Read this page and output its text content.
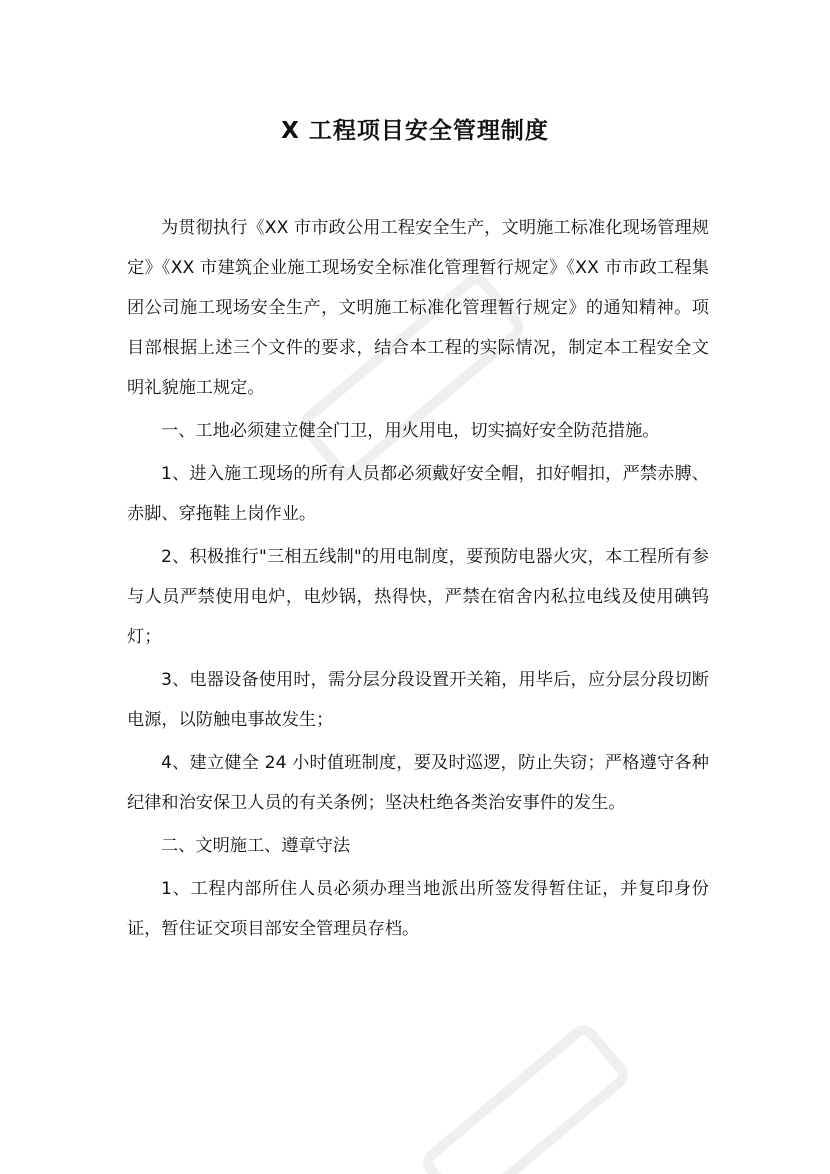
X 工程项目安全管理制度

为贯彻执行《XX 市市政公用工程安全生产，文明施工标准化现场管理规定》《XX 市建筑企业施工现场安全标准化管理暂行规定》《XX 市市政工程集团公司施工现场安全生产，文明施工标准化管理暂行规定》的通知精神。项目部根据上述三个文件的要求，结合本工程的实际情况，制定本工程安全文明礼貌施工规定。

一、工地必须建立健全门卫，用火用电，切实搞好安全防范措施。

1、进入施工现场的所有人员都必须戴好安全帽，扣好帽扣，严禁赤膊、赤脚、穿拖鞋上岗作业。

2、积极推行"三相五线制"的用电制度，要预防电器火灾，本工程所有参与人员严禁使用电炉，电炒锅，热得快，严禁在宿舍内私拉电线及使用碘钨灯；

3、电器设备使用时，需分层分段设置开关箱，用毕后，应分层分段切断电源，以防触电事故发生；

4、建立健全 24 小时值班制度，要及时巡逻，防止失窃；严格遵守各种纪律和治安保卫人员的有关条例；坚决杜绝各类治安事件的发生。

二、文明施工、遵章守法

1、工程内部所住人员必须办理当地派出所签发得暂住证，并复印身份证，暂住证交项目部安全管理员存档。
